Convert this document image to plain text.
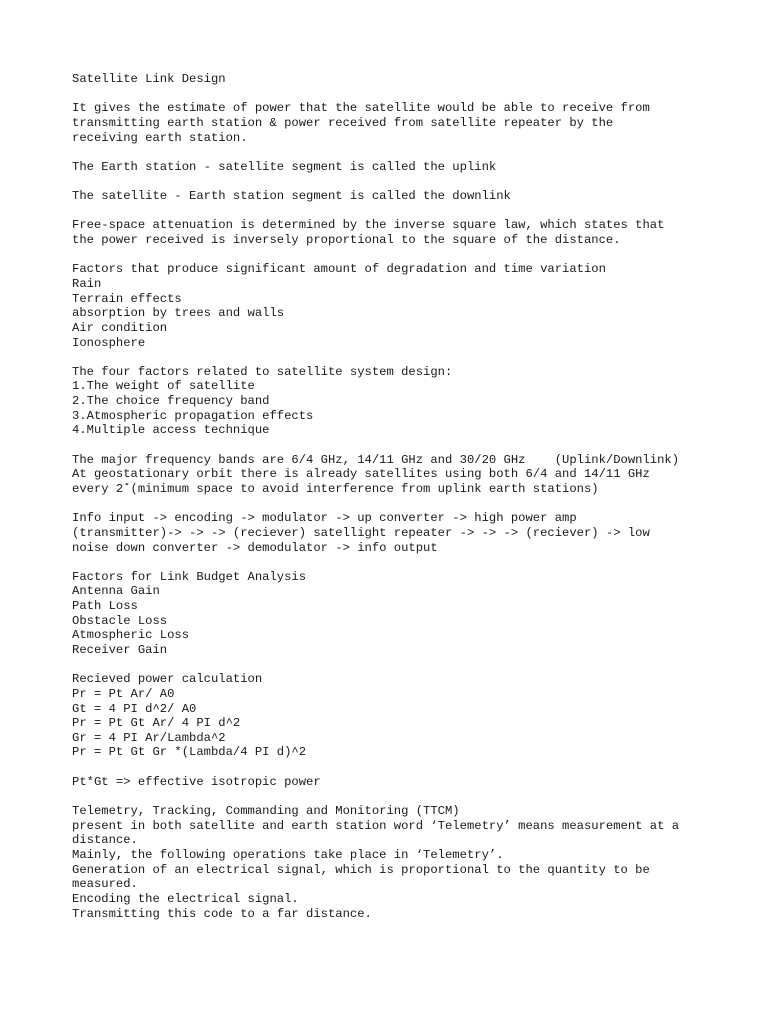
Satellite Link Design
It gives the estimate of power that the satellite would be able to receive from
transmitting earth station & power received from satellite repeater by the
receiving earth station.
The Earth station - satellite segment is called the uplink
The satellite - Earth station segment is called the downlink
Free-space attenuation is determined by the inverse square law, which states that
the power received is inversely proportional to the square of the distance.
Factors that produce significant amount of degradation and time variation
Rain
Terrain effects
absorption by trees and walls
Air condition
Ionosphere
The four factors related to satellite system design:
1.The weight of satellite
2.The choice frequency band
3.Atmospheric propagation effects
4.Multiple access technique
The major frequency bands are 6/4 GHz, 14/11 GHz and 30/20 GHz    (Uplink/Downlink)
At geostationary orbit there is already satellites using both 6/4 and 14/11 GHz
every 2˚(minimum space to avoid interference from uplink earth stations)
Info input -> encoding -> modulator -> up converter -> high power amp
(transmitter)-> -> -> (reciever) satellight repeater -> -> -> (reciever) -> low
noise down converter -> demodulator -> info output
Factors for Link Budget Analysis
Antenna Gain
Path Loss
Obstacle Loss
Atmospheric Loss
Receiver Gain
Recieved power calculation
Pr = Pt Ar/ A0
Gt = 4 PI d^2/ A0
Pr = Pt Gt Ar/ 4 PI d^2
Gr = 4 PI Ar/Lambda^2
Pr = Pt Gt Gr *(Lambda/4 PI d)^2
Pt*Gt => effective isotropic power
Telemetry, Tracking, Commanding and Monitoring (TTCM)
present in both satellite and earth station word ‘Telemetry’ means measurement at a
distance.
Mainly, the following operations take place in ‘Telemetry’.
Generation of an electrical signal, which is proportional to the quantity to be
measured.
Encoding the electrical signal.
Transmitting this code to a far distance.
